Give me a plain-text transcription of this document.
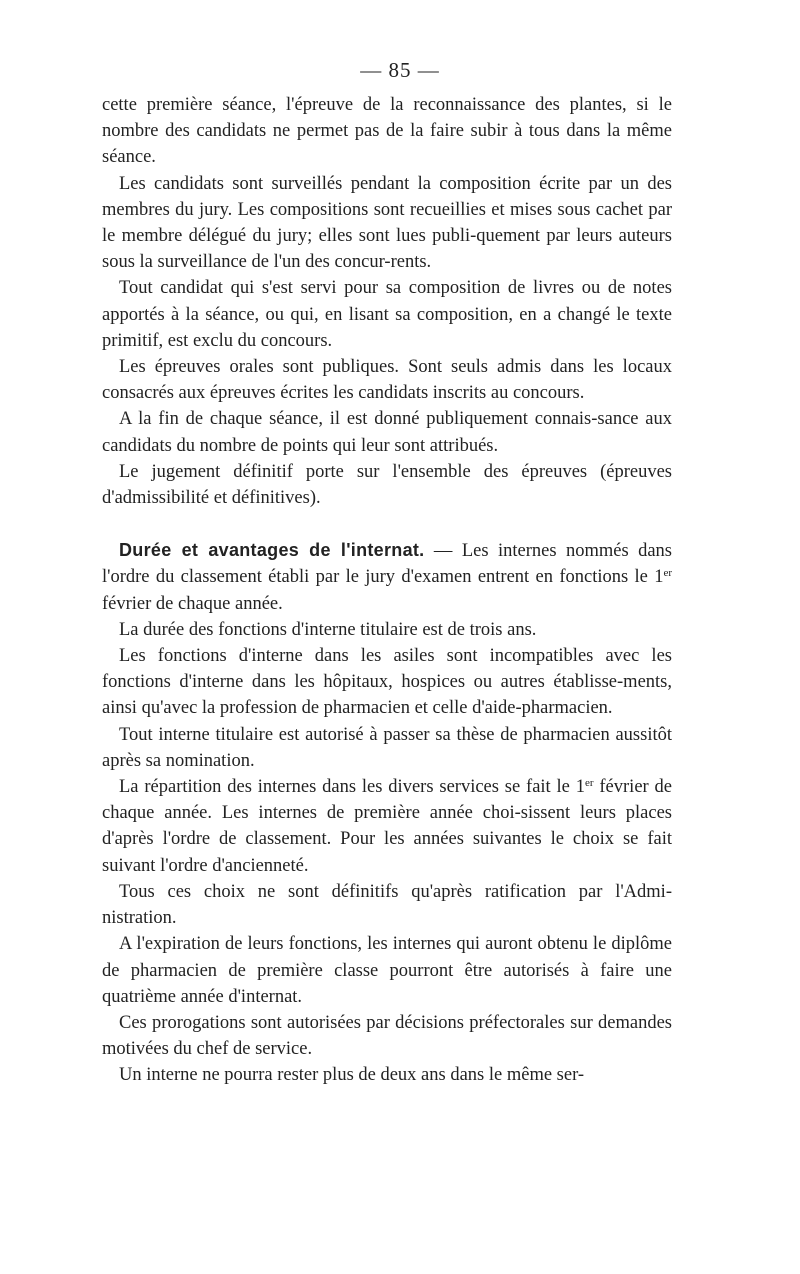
— 85 —

cette première séance, l'épreuve de la reconnaissance des plantes, si le nombre des candidats ne permet pas de la faire subir à tous dans la même séance.

Les candidats sont surveillés pendant la composition écrite par un des membres du jury. Les compositions sont recueillies et mises sous cachet par le membre délégué du jury; elles sont lues publi-quement par leurs auteurs sous la surveillance de l'un des concur-rents.

Tout candidat qui s'est servi pour sa composition de livres ou de notes apportés à la séance, ou qui, en lisant sa composition, en a changé le texte primitif, est exclu du concours.

Les épreuves orales sont publiques. Sont seuls admis dans les locaux consacrés aux épreuves écrites les candidats inscrits au concours.

A la fin de chaque séance, il est donné publiquement connais-sance aux candidats du nombre de points qui leur sont attribués.

Le jugement définitif porte sur l'ensemble des épreuves (épreuves d'admissibilité et définitives).

Durée et avantages de l'internat. — Les internes nommés dans l'ordre du classement établi par le jury d'examen entrent en fonctions le 1er février de chaque année.

La durée des fonctions d'interne titulaire est de trois ans.

Les fonctions d'interne dans les asiles sont incompatibles avec les fonctions d'interne dans les hôpitaux, hospices ou autres établisse-ments, ainsi qu'avec la profession de pharmacien et celle d'aide-pharmacien.

Tout interne titulaire est autorisé à passer sa thèse de pharmacien aussitôt après sa nomination.

La répartition des internes dans les divers services se fait le 1er février de chaque année. Les internes de première année choi-sissent leurs places d'après l'ordre de classement. Pour les années suivantes le choix se fait suivant l'ordre d'ancienneté.

Tous ces choix ne sont définitifs qu'après ratification par l'Admi-nistration.

A l'expiration de leurs fonctions, les internes qui auront obtenu le diplôme de pharmacien de première classe pourront être autorisés à faire une quatrième année d'internat.

Ces prorogations sont autorisées par décisions préfectorales sur demandes motivées du chef de service.

Un interne ne pourra rester plus de deux ans dans le même ser-
